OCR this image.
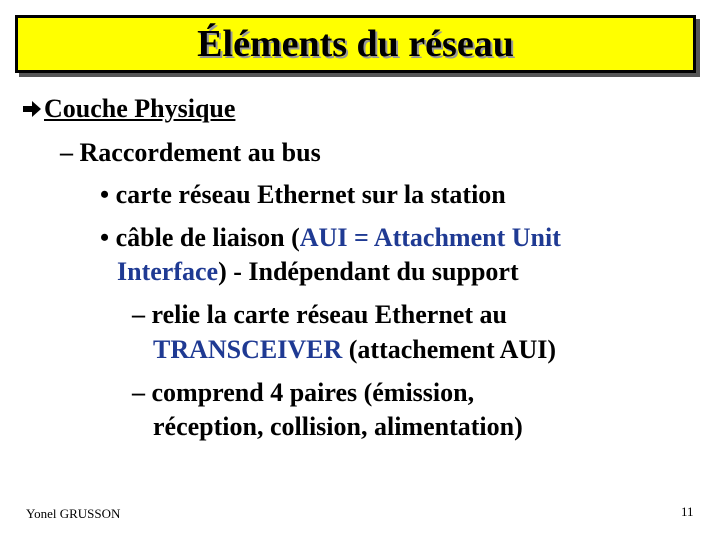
Éléments du réseau
Couche Physique
– Raccordement au bus
• carte réseau Ethernet sur la station
• câble de liaison (AUI = Attachment Unit
Interface) - Indépendant du support
– relie la carte réseau Ethernet au
TRANSCEIVER (attachement AUI)
– comprend 4 paires (émission,
réception, collision, alimentation)
Yonel GRUSSON	11
